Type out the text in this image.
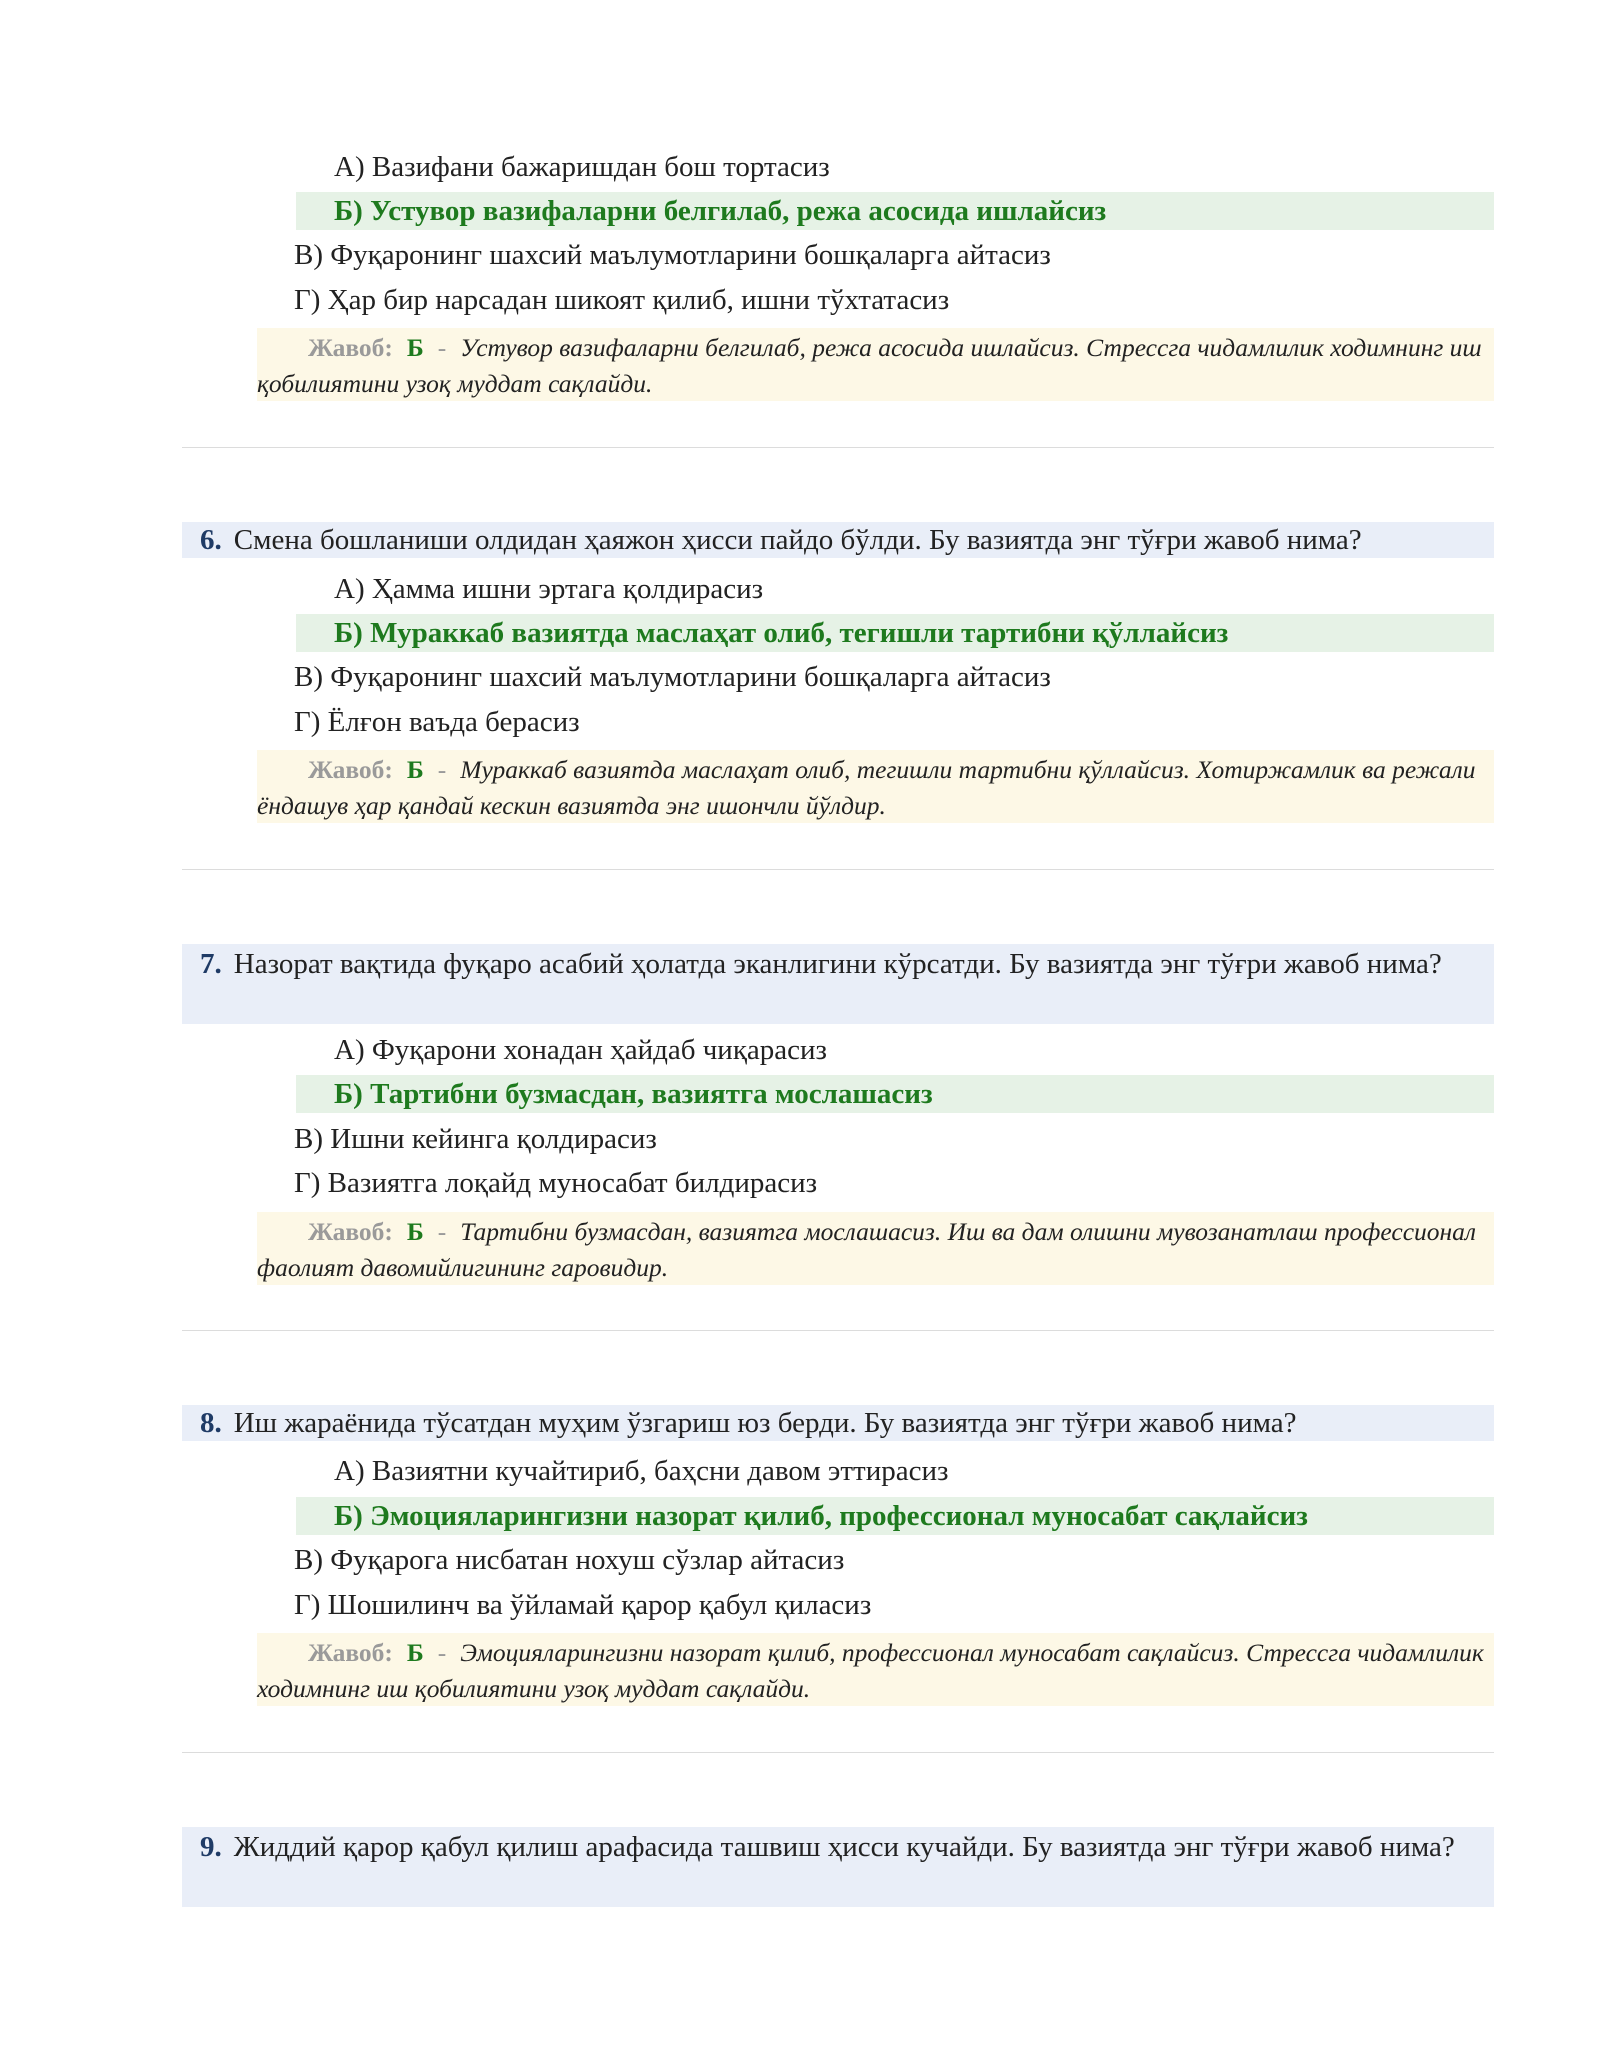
А) Вазифани бажаришдан бош тортасиз
Б) Устувор вазифаларни белгилаб, режа асосида ишлайсиз
В) Фуқаронинг шахсий маълумотларини бошқаларга айтасиз
Г) Ҳар бир нарсадан шикоят қилиб, ишни тўхтатасиз
Жавоб: Б - Устувор вазифаларни белгилаб, режа асосида ишлайсиз. Стрессга чидамлилик ходимнинг иш қобилиятини узоқ муддат сақлайди.
6. Смена бошланиши олдидан ҳаяжон ҳисси пайдо бўлди. Бу вазиятда энг тўғри жавоб нима?
А) Ҳамма ишни эртага қолдирасиз
Б) Мураккаб вазиятда маслаҳат олиб, тегишли тартибни қўллайсиз
В) Фуқаронинг шахсий маълумотларини бошқаларга айтасиз
Г) Ёлғон ваъда берасиз
Жавоб: Б - Мураккаб вазиятда маслаҳат олиб, тегишли тартибни қўллайсиз. Хотиржамлик ва режали ёндашув ҳар қандай кескин вазиятда энг ишончли йўлдир.
7. Назорат вақтида фуқаро асабий ҳолатда эканлигини кўрсатди. Бу вазиятда энг тўғри жавоб нима?
А) Фуқарони хонадан ҳайдаб чиқарасиз
Б) Тартибни бузмасдан, вазиятга мослашасиз
В) Ишни кейинга қолдирасиз
Г) Вазиятга лоқайд муносабат билдирасиз
Жавоб: Б - Тартибни бузмасдан, вазиятга мослашасиз. Иш ва дам олишни мувозанатлаш профессионал фаолият давомийлигининг гаровидир.
8. Иш жараёнида тўсатдан муҳим ўзгариш юз берди. Бу вазиятда энг тўғри жавоб нима?
А) Вазиятни кучайтириб, баҳсни давом эттирасиз
Б) Эмоцияларингизни назорат қилиб, профессионал муносабат сақлайсиз
В) Фуқарога нисбатан нохуш сўзлар айтасиз
Г) Шошилинч ва ўйламай қарор қабул қиласиз
Жавоб: Б - Эмоцияларингизни назорат қилиб, профессионал муносабат сақлайсиз. Стрессга чидамлилик ходимнинг иш қобилиятини узоқ муддат сақлайди.
9. Жиддий қарор қабул қилиш арафасида ташвиш ҳисси кучайди. Бу вазиятда энг тўғри жавоб нима?
